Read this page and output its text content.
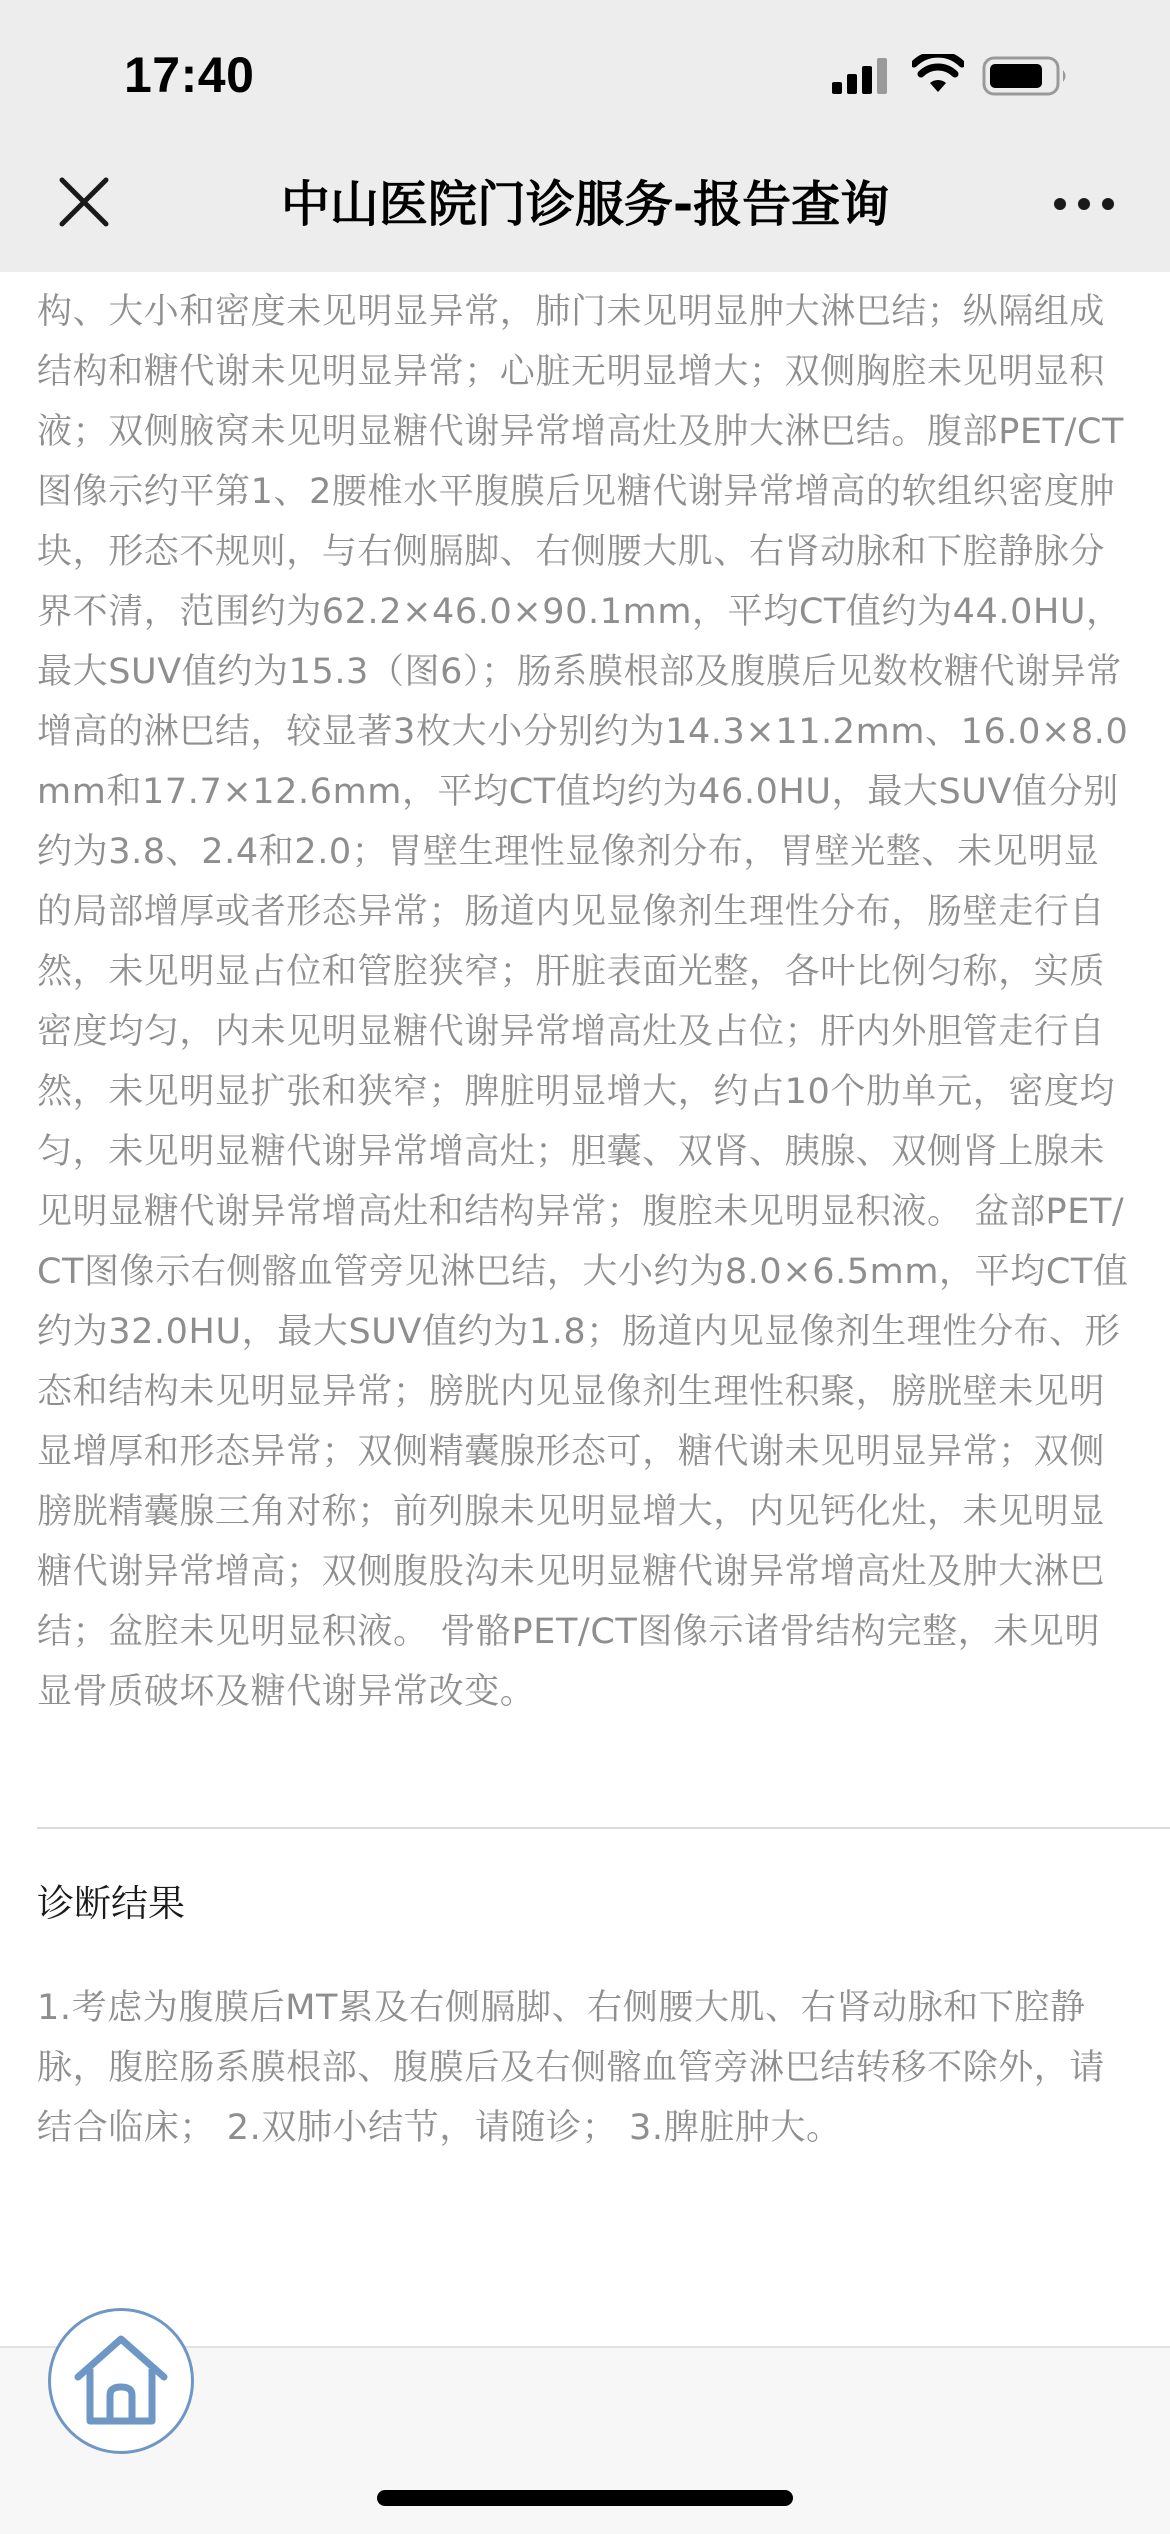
17:40
中山医院门诊服务-报告查询

构、大小和密度未见明显异常，肺门未见明显肿大淋巴结；纵隔组成结构和糖代谢未见明显异常；心脏无明显增大；双侧胸腔未见明显积液；双侧腋窝未见明显糖代谢异常增高灶及肿大淋巴结。腹部PET/CT图像示约平第1、2腰椎水平腹膜后见糖代谢异常增高的软组织密度肿块，形态不规则，与右侧膈脚、右侧腰大肌、右肾动脉和下腔静脉分界不清，范围约为62.2×46.0×90.1mm，平均CT值约为44.0HU，最大SUV值约为15.3（图6）；肠系膜根部及腹膜后见数枚糖代谢异常增高的淋巴结，较显著3枚大小分别约为14.3×11.2mm、16.0×8.0mm和17.7×12.6mm，平均CT值均约为46.0HU，最大SUV值分别约为3.8、2.4和2.0；胃壁生理性显像剂分布，胃壁光整、未见明显的局部增厚或者形态异常；肠道内见显像剂生理性分布，肠壁走行自然，未见明显占位和管腔狭窄；肝脏表面光整，各叶比例匀称，实质密度均匀，内未见明显糖代谢异常增高灶及占位；肝内外胆管走行自然，未见明显扩张和狭窄；脾脏明显增大，约占10个肋单元，密度均匀，未见明显糖代谢异常增高灶；胆囊、双肾、胰腺、双侧肾上腺未见明显糖代谢异常增高灶和结构异常；腹腔未见明显积液。 盆部PET/CT图像示右侧髂血管旁见淋巴结，大小约为8.0×6.5mm，平均CT值约为32.0HU，最大SUV值约为1.8；肠道内见显像剂生理性分布、形态和结构未见明显异常；膀胱内见显像剂生理性积聚，膀胱壁未见明显增厚和形态异常；双侧精囊腺形态可，糖代谢未见明显异常；双侧膀胱精囊腺三角对称；前列腺未见明显增大，内见钙化灶，未见明显糖代谢异常增高；双侧腹股沟未见明显糖代谢异常增高灶及肿大淋巴结；盆腔未见明显积液。 骨骼PET/CT图像示诸骨结构完整，未见明显骨质破坏及糖代谢异常改变。

诊断结果

1.考虑为腹膜后MT累及右侧膈脚、右侧腰大肌、右肾动脉和下腔静脉，腹腔肠系膜根部、腹膜后及右侧髂血管旁淋巴结转移不除外，请结合临床； 2.双肺小结节，请随诊； 3.脾脏肿大。
